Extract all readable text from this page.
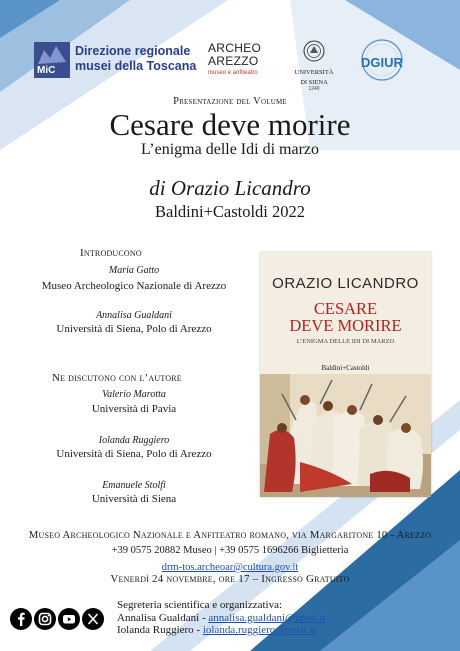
MiC
Direzione regionale
musei della Toscana
ARCHEO
AREZZO
museo e anfiteatro	UNIVERSITÀ
DI SIENA
1240
DGIUR
Presentazione del Volume
Cesare deve morire
L’enigma delle Idi di marzo
di Orazio Licandro
Baldini+Castoldi 2022
Introducono
Maria Gatto
Museo Archeologico Nazionale di Arezzo
Annalisa Gualdani
Università di Siena, Polo di Arezzo
Ne discutono con l’autore
Valerio Marotta
Università di Pavia
Iolanda Ruggiero
Università di Siena, Polo di Arezzo
Emanuele Stolfi
Università di Siena
ORAZIO LICANDRO
CESARE
DEVE MORIRE
L’ENIGMA DELLE IDI DI MARZO
Baldini+Castoldi
Museo Archeologico Nazionale e Anfiteatro romano, via Margaritone 10 - Arezzo
+39 0575 20882 Museo | +39 0575 1696266 Biglietteria
drm-tos.archeoar@cultura.gov.it
Venerdì 24 novembre, ore 17 – Ingresso Gratuito
Segreteria scientifica e organizzativa:
Annalisa Gualdani - annalisa.gualdani@unisi.it
Iolanda Ruggiero - iolanda.ruggiero@unisi.it
